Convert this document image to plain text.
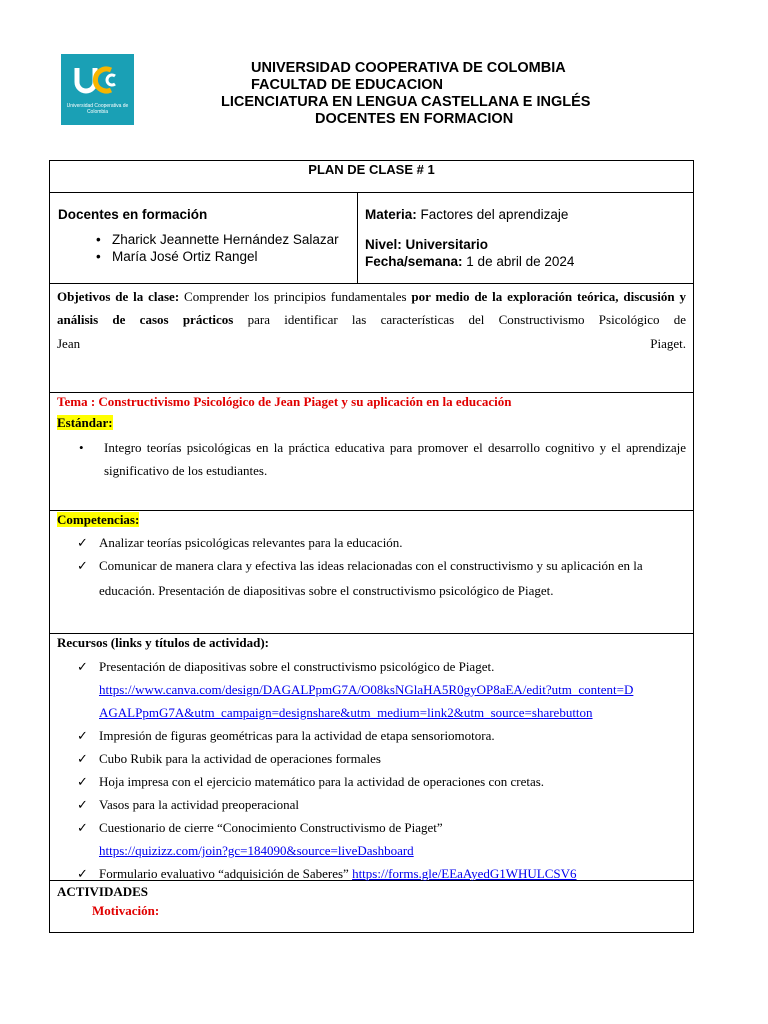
Universidad Cooperativa de Colombia
UNIVERSIDAD COOPERATIVA DE COLOMBIA
FACULTAD DE EDUCACION
LICENCIATURA EN LENGUA CASTELLANA E INGLÉS
DOCENTES EN FORMACION
PLAN DE CLASE # 1
Docentes en formación
• Zharick Jeannette Hernández Salazar
• María José Ortiz Rangel
Materia: Factores del aprendizaje
Nivel: Universitario
Fecha/semana: 1 de abril de 2024

Objetivos de la clase: Comprender los principios fundamentales por medio de la exploración teórica, discusión y análisis de casos prácticos para identificar las características del Constructivismo Psicológico de

Jean	Piaget.

Tema : Constructivismo Psicológico de Jean Piaget y su aplicación en la educación
Estándar:
• Integro teorías psicológicas en la práctica educativa para promover el desarrollo cognitivo y el aprendizaje significativo de los estudiantes.
Competencias:
✓ Analizar teorías psicológicas relevantes para la educación.
✓ Comunicar de manera clara y efectiva las ideas relacionadas con el constructivismo y su aplicación en la educación. Presentación de diapositivas sobre el constructivismo psicológico de Piaget.
Recursos (links y títulos de actividad):
✓ Presentación de diapositivas sobre el constructivismo psicológico de Piaget.
https://www.canva.com/design/DAGALPpmG7A/O08ksNGlaHA5R0gyOP8aEA/edit?utm_content=D
AGALPpmG7A&utm_campaign=designshare&utm_medium=link2&utm_source=sharebutton
✓ Impresión de figuras geométricas para la actividad de etapa sensoriomotora.
✓ Cubo Rubik para la actividad de operaciones formales
✓ Hoja impresa con el ejercicio matemático para la actividad de operaciones con cretas.
✓ Vasos para la actividad preoperacional
✓ Cuestionario de cierre “Conocimiento Constructivismo de Piaget”
https://quizizz.com/join?gc=184090&source=liveDashboard
✓ Formulario evaluativo “adquisición de Saberes” https://forms.gle/EEaAyedG1WHULCSV6
ACTIVIDADES
Motivación:
